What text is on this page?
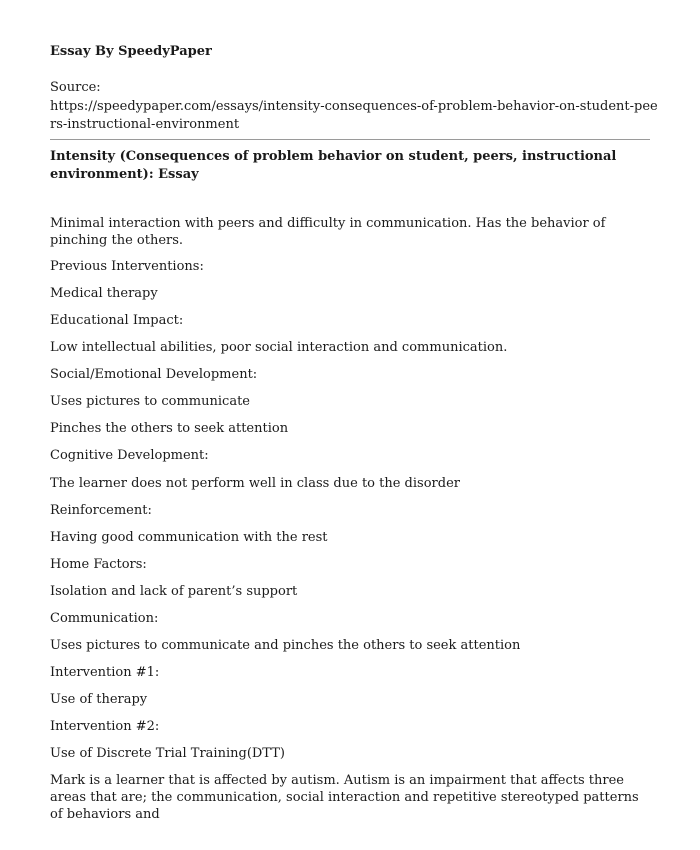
Essay By SpeedyPaper

Source:

https://speedypaper.com/essays/intensity-consequences-of-problem-behavior-on-student-peers-instructional-environment

Intensity (Consequences of problem behavior on student, peers, instructional environment): Essay

Minimal interaction with peers and difficulty in communication. Has the behavior of pinching the others.

Previous Interventions:

Medical therapy

Educational Impact:

Low intellectual abilities, poor social interaction and communication.

Social/Emotional Development:

Uses pictures to communicate

Pinches the others to seek attention

Cognitive Development:

The learner does not perform well in class due to the disorder

Reinforcement:

Having good communication with the rest

Home Factors:

Isolation and lack of parent’s support

Communication:

Uses pictures to communicate and pinches the others to seek attention

Intervention #1:

Use of therapy

Intervention #2:

Use of Discrete Trial Training(DTT)

Mark is a learner that is affected by autism. Autism is an impairment that affects three areas that are; the communication, social interaction and repetitive stereotyped patterns of behaviors and
